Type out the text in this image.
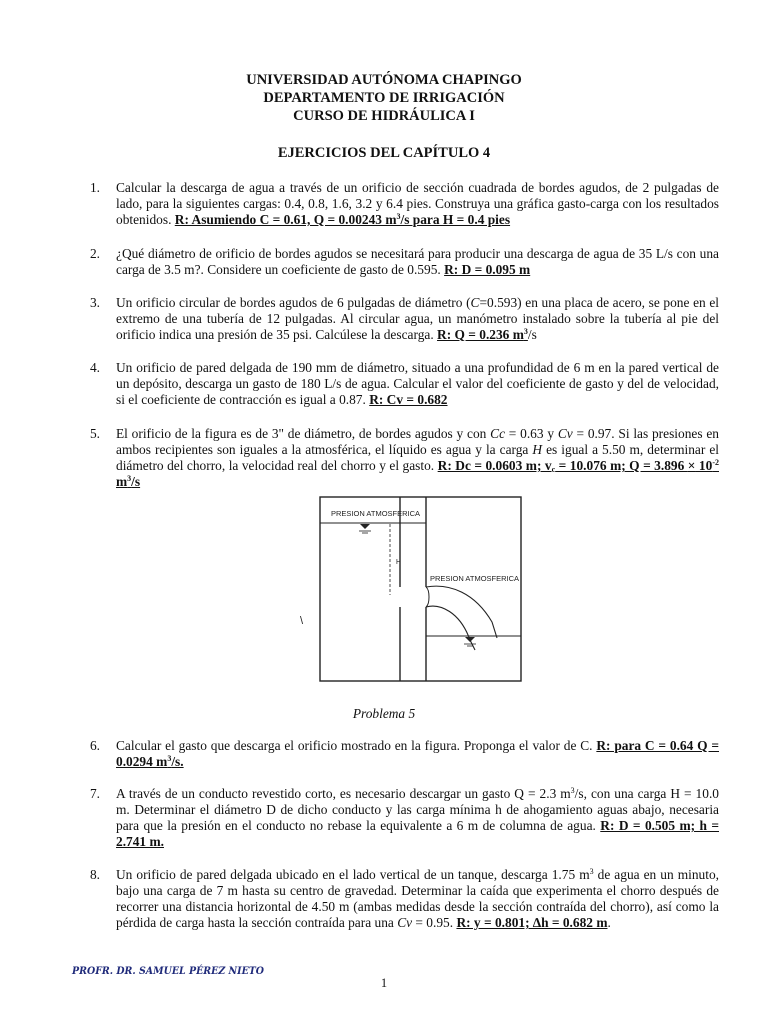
UNIVERSIDAD AUTÓNOMA CHAPINGO
DEPARTAMENTO DE IRRIGACIÓN
CURSO DE HIDRÁULICA I
EJERCICIOS DEL CAPÍTULO 4
1. Calcular la descarga de agua a través de un orificio de sección cuadrada de bordes agudos, de 2 pulgadas de lado, para la siguientes cargas: 0.4, 0.8, 1.6, 3.2 y 6.4 pies. Construya una gráfica gasto-carga con los resultados obtenidos. R: Asumiendo C = 0.61, Q = 0.00243 $m^3/s$ para H = 0.4 pies
2. ¿Qué diámetro de orificio de bordes agudos se necesitará para producir una descarga de agua de 35 L/s con una carga de 3.5 m?. Considere un coeficiente de gasto de 0.595. R: D = 0.095 m
3. Un orificio circular de bordes agudos de 6 pulgadas de diámetro (C=0.593) en una placa de acero, se pone en el extremo de una tubería de 12 pulgadas. Al circular agua, un manómetro instalado sobre la tubería al pie del orificio indica una presión de 35 psi. Calcúlese la descarga. R: Q = 0.236 $m^3/s$
4. Un orificio de pared delgada de 190 mm de diámetro, situado a una profundidad de 6 m en la pared vertical de un depósito, descarga un gasto de 180 L/s de agua. Calcular el valor del coeficiente de gasto y del de velocidad, si el coeficiente de contracción es igual a 0.87. R: Cv = 0.682
5. El orificio de la figura es de 3" de diámetro, de bordes agudos y con Cc = 0.63 y Cv = 0.97. Si las presiones en ambos recipientes son iguales a la atmosférica, el líquido es agua y la carga H es igual a 5.50 m, determinar el diámetro del chorro, la velocidad real del chorro y el gasto. R: Dc = 0.0603 m; $v_c = 10.076$ m; $Q = 3.896 \times 10^{-2}$ $m^3/s$
H
PRESION ATMOSFERICA
PRESION ATMOSFERICA
\
Problema 5
6. Calcular el gasto que descarga el orificio mostrado en la figura. Proponga el valor de C. R: para C = 0.64 Q = 0.0294 $m^3/s$.
7. A través de un conducto revestido corto, es necesario descargar un gasto Q = 2.3 $m^3/s$, con una carga H = 10.0 m. Determinar el diámetro D de dicho conducto y las carga mínima h de ahogamiento aguas abajo, necesaria para que la presión en el conducto no rebase la equivalente a 6 m de columna de agua. R: D = 0.505 m; h = 2.741 m.
8. Un orificio de pared delgada ubicado en el lado vertical de un tanque, descarga 1.75 $m^3$ de agua en un minuto, bajo una carga de 7 m hasta su centro de gravedad. Determinar la caída que experimenta el chorro después de recorrer una distancia horizontal de 4.50 m (ambas medidas desde la sección contraída del chorro), así como la pérdida de carga hasta la sección contraída para una Cv = 0.95. R: y = 0.801; ∆h = 0.682 m.
PROFR. DR. SAMUEL PÉREZ NIETO
1
